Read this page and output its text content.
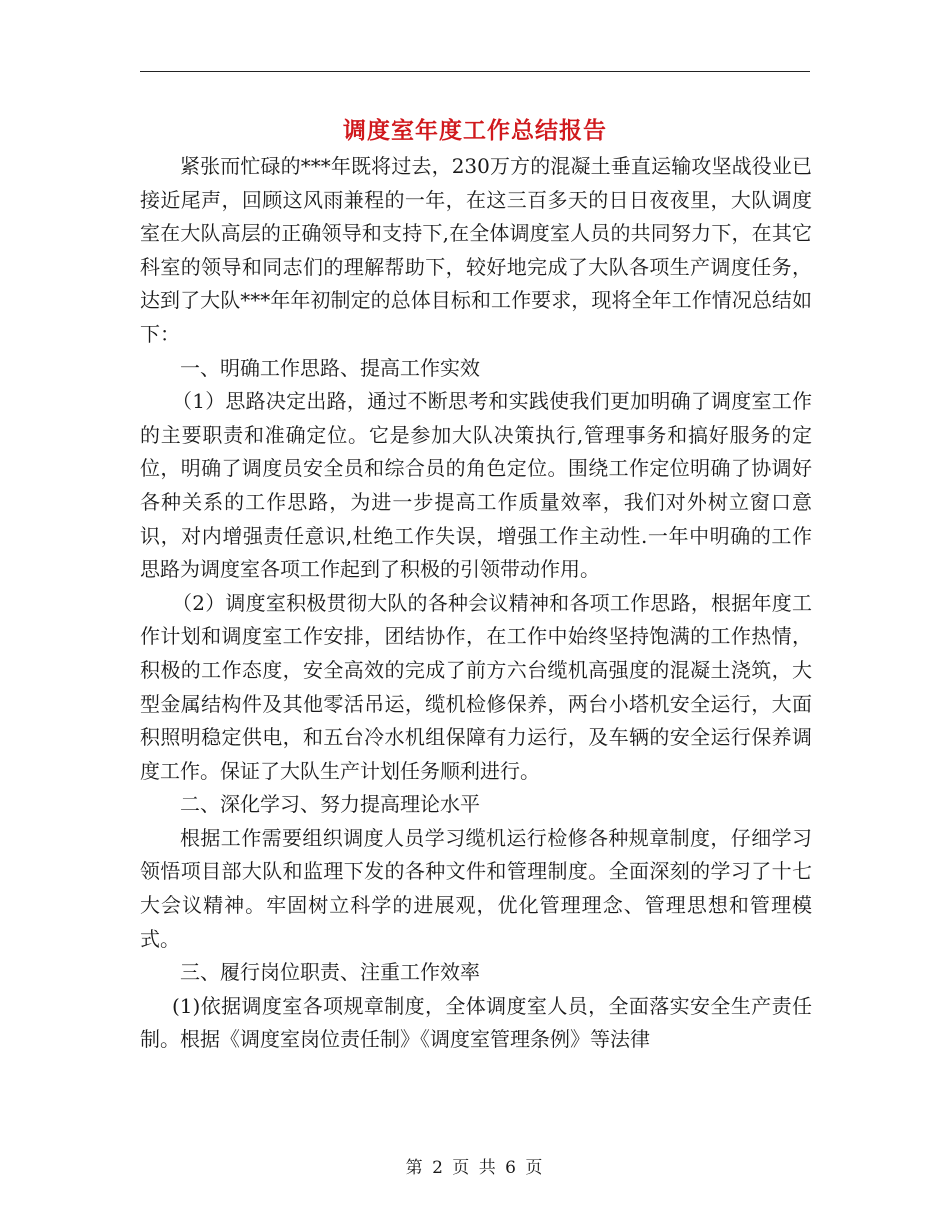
调度室年度工作总结报告

紧张而忙碌的***年既将过去，230万方的混凝土垂直运输攻坚战役业已接近尾声，回顾这风雨兼程的一年，在这三百多天的日日夜夜里，大队调度室在大队高层的正确领导和支持下,在全体调度室人员的共同努力下，在其它科室的领导和同志们的理解帮助下，较好地完成了大队各项生产调度任务，达到了大队***年年初制定的总体目标和工作要求，现将全年工作情况总结如下：

一、明确工作思路、提高工作实效

（1）思路决定出路，通过不断思考和实践使我们更加明确了调度室工作的主要职责和准确定位。它是参加大队决策执行,管理事务和搞好服务的定位，明确了调度员安全员和综合员的角色定位。围绕工作定位明确了协调好各种关系的工作思路，为进一步提高工作质量效率，我们对外树立窗口意识，对内增强责任意识,杜绝工作失误，增强工作主动性.一年中明确的工作思路为调度室各项工作起到了积极的引领带动作用。

（2）调度室积极贯彻大队的各种会议精神和各项工作思路，根据年度工作计划和调度室工作安排，团结协作，在工作中始终坚持饱满的工作热情，积极的工作态度，安全高效的完成了前方六台缆机高强度的混凝土浇筑，大型金属结构件及其他零活吊运，缆机检修保养，两台小塔机安全运行，大面积照明稳定供电，和五台冷水机组保障有力运行，及车辆的安全运行保养调度工作。保证了大队生产计划任务顺利进行。

二、深化学习、努力提高理论水平

根据工作需要组织调度人员学习缆机运行检修各种规章制度，仔细学习领悟项目部大队和监理下发的各种文件和管理制度。全面深刻的学习了十七大会议精神。牢固树立科学的进展观，优化管理理念、管理思想和管理模式。

三、履行岗位职责、注重工作效率

(1)依据调度室各项规章制度，全体调度室人员，全面落实安全生产责任制。根据《调度室岗位责任制》《调度室管理条例》等法律

第 2 页 共 6 页
